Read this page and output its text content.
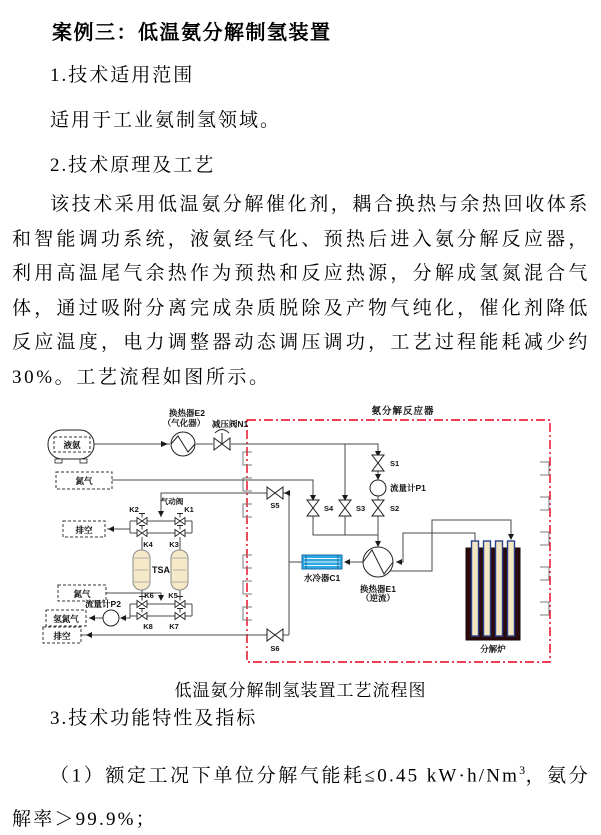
案例三：低温氨分解制氢装置
1.技术适用范围
适用于工业氨制氢领域。
2.技术原理及工艺
该技术采用低温氨分解催化剂，耦合换热与余热回收体系和智能调功系统，液氨经气化、预热后进入氨分解反应器，利用高温尾气余热作为预热和反应热源，分解成氢氮混合气体，通过吸附分离完成杂质脱除及产物气纯化，催化剂降低反应温度，电力调整器动态调压调功，工艺过程能耗减少约 30%。工艺流程如图所示。
氨分解反应器
液氨
换热器E2
（气化器） 减压阀N1
氮气
排空
氮气
氢氮气
排空
K2	K1
气动阀
K4 K3
K6 K5
K8 K7
TSA
流量计P2
S1
流量计P1
S2
S3
S4
S5
S6
水冷器C1
换热器E1
（逆流）
分解炉
低温氨分解制氢装置工艺流程图
3.技术功能特性及指标
（1）额定工况下单位分解气能耗≤0.45 $kW\cdot h/Nm^3$，氨分解率＞99.9%；
